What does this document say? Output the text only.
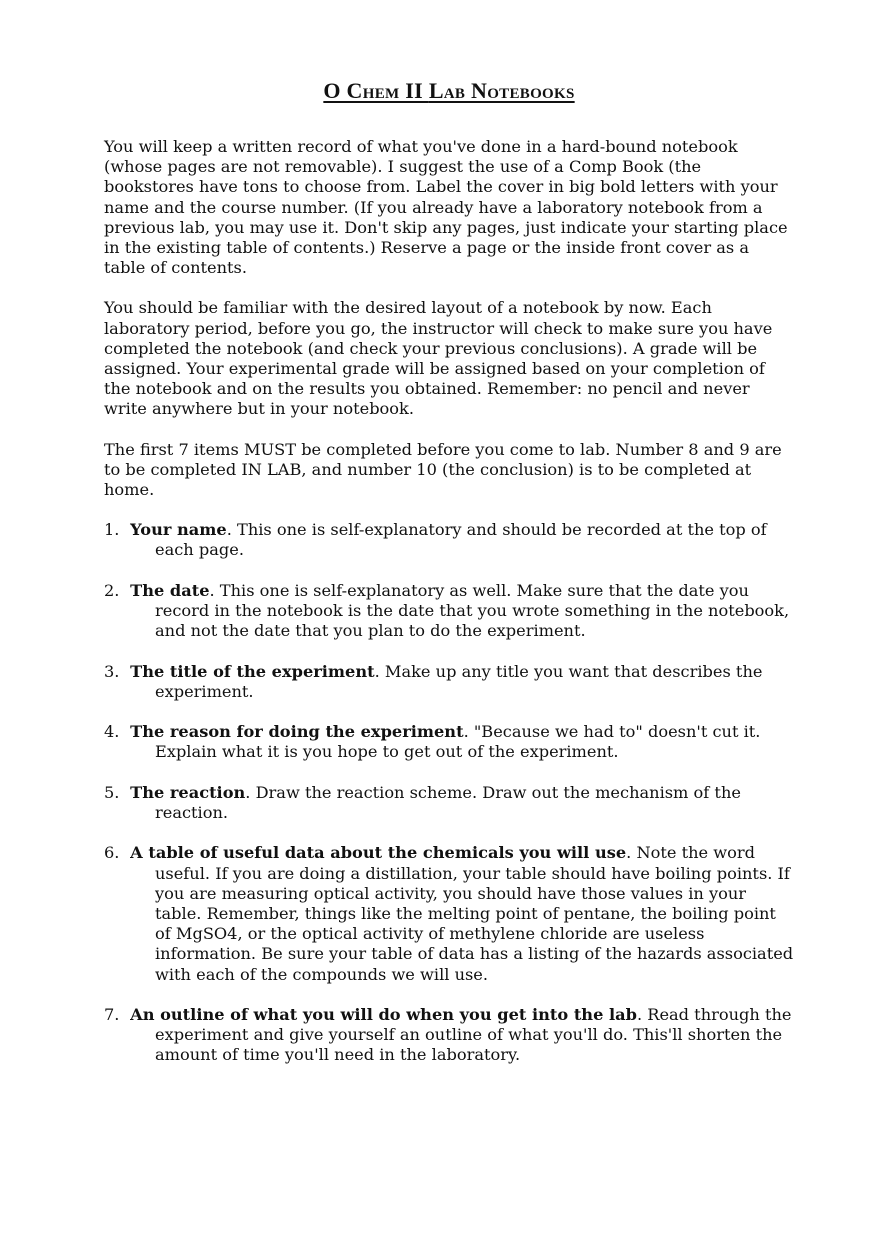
O Chem II Lab Notebooks

You will keep a written record of what you've done in a hard-bound notebook (whose pages are not removable). I suggest the use of a Comp Book (the bookstores have tons to choose from. Label the cover in big bold letters with your name and the course number. (If you already have a laboratory notebook from a previous lab, you may use it. Don't skip any pages, just indicate your starting place in the existing table of contents.) Reserve a page or the inside front cover as a table of contents.

You should be familiar with the desired layout of a notebook by now. Each laboratory period, before you go, the instructor will check to make sure you have completed the notebook (and check your previous conclusions). A grade will be assigned. Your experimental grade will be assigned based on your completion of the notebook and on the results you obtained. Remember: no pencil and never write anywhere but in your notebook.

The first 7 items MUST be completed before you come to lab. Number 8 and 9 are to be completed IN LAB, and number 10 (the conclusion) is to be completed at home.

1. Your name. This one is self-explanatory and should be recorded at the top of each page.
2. The date. This one is self-explanatory as well. Make sure that the date you record in the notebook is the date that you wrote something in the notebook, and not the date that you plan to do the experiment.
3. The title of the experiment. Make up any title you want that describes the experiment.
4. The reason for doing the experiment. "Because we had to" doesn't cut it. Explain what it is you hope to get out of the experiment.
5. The reaction. Draw the reaction scheme. Draw out the mechanism of the reaction.
6. A table of useful data about the chemicals you will use. Note the word useful. If you are doing a distillation, your table should have boiling points. If you are measuring optical activity, you should have those values in your table. Remember, things like the melting point of pentane, the boiling point of MgSO4, or the optical activity of methylene chloride are useless information. Be sure your table of data has a listing of the hazards associated with each of the compounds we will use.
7. An outline of what you will do when you get into the lab. Read through the experiment and give yourself an outline of what you'll do. This'll shorten the amount of time you'll need in the laboratory.
